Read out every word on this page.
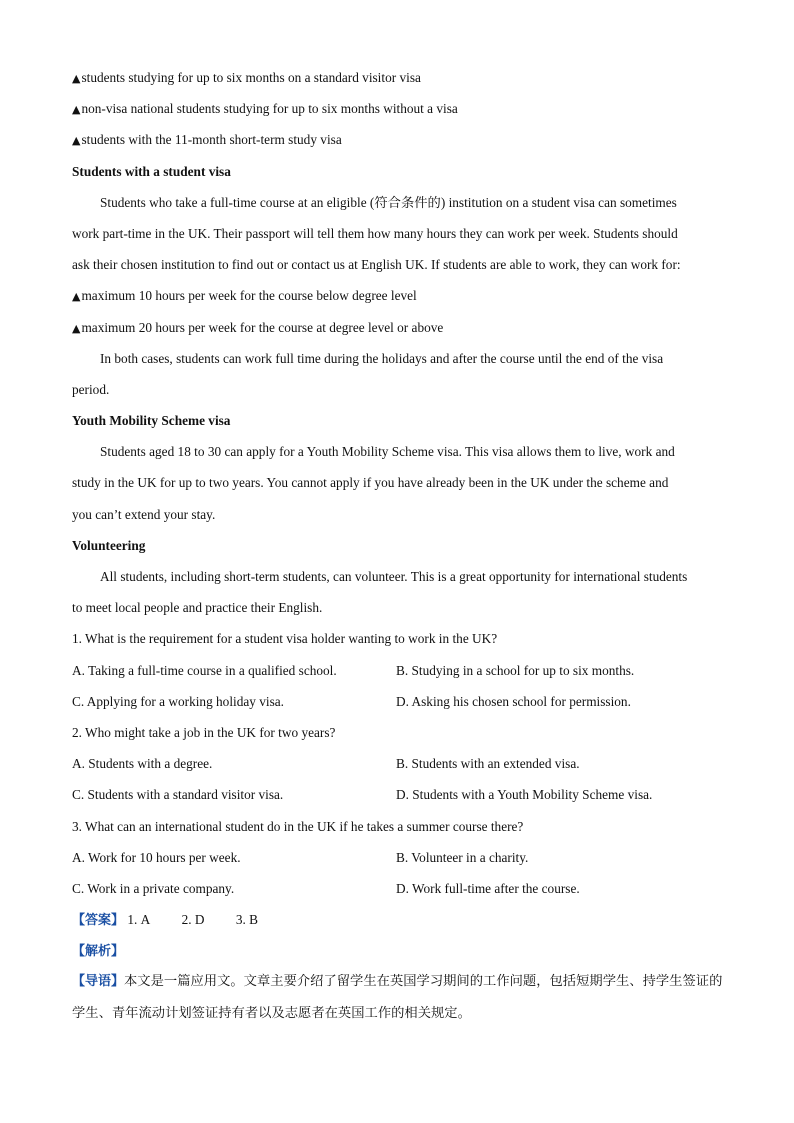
▲students studying for up to six months on a standard visitor visa
▲non-visa national students studying for up to six months without a visa
▲students with the 11-month short-term study visa
Students with a student visa
Students who take a full-time course at an eligible (符合条件的) institution on a student visa can sometimes
work part-time in the UK. Their passport will tell them how many hours they can work per week. Students should
ask their chosen institution to find out or contact us at English UK. If students are able to work, they can work for:
▲maximum 10 hours per week for the course below degree level
▲maximum 20 hours per week for the course at degree level or above
In both cases, students can work full time during the holidays and after the course until the end of the visa
period.
Youth Mobility Scheme visa
Students aged 18 to 30 can apply for a Youth Mobility Scheme visa. This visa allows them to live, work and
study in the UK for up to two years. You cannot apply if you have already been in the UK under the scheme and
you can’t extend your stay.
Volunteering
All students, including short-term students, can volunteer. This is a great opportunity for international students
to meet local people and practice their English.
1. What is the requirement for a student visa holder wanting to work in the UK?
A. Taking a full-time course in a qualified school.	B. Studying in a school for up to six months.
C. Applying for a working holiday visa.	D. Asking his chosen school for permission.
2. Who might take a job in the UK for two years?
A. Students with a degree.	B. Students with an extended visa.
C. Students with a standard visitor visa.	D. Students with a Youth Mobility Scheme visa.
3. What can an international student do in the UK if he takes a summer course there?
A. Work for 10 hours per week.	B. Volunteer in a charity.
C. Work in a private company.	D. Work full-time after the course.
【答案】 1. A 2. D 3. B
【解析】
【导语】本文是一篇应用文。文章主要介绍了留学生在英国学习期间的工作问题，包括短期学生、持学生签证的学生、青年流动计划签证持有者以及志愿者在英国工作的相关规定。
